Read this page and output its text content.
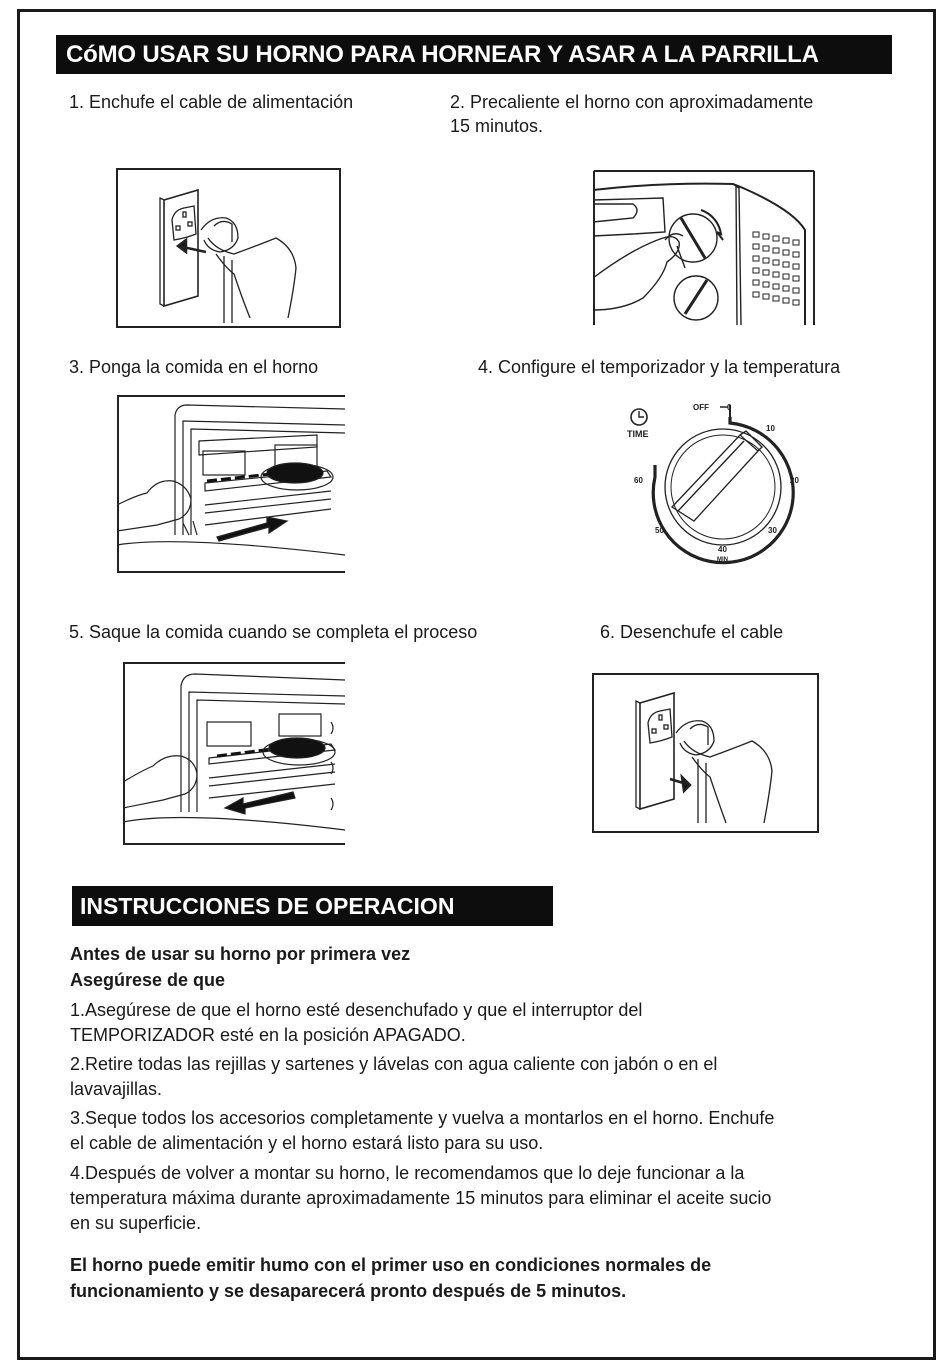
CóMO USAR SU HORNO PARA HORNEAR Y ASAR A LA PARRILLA
1. Enchufe el cable de alimentación	2. Precaliente el horno con aproximadamente
15 minutos.
3. Ponga la comida en el horno	4. Configure el temporizador y la temperatura
5. Saque la comida cuando se completa el proceso	6. Desenchufe el cable
TIME
OFF 0
10
20
30
40
MIN
50
60
INSTRUCCIONES DE OPERACION
Antes de usar su horno por primera vez
Asegúrese de que
1.Asegúrese de que el horno esté desenchufado y que el interruptor del
TEMPORIZADOR esté en la posición APAGADO.
2.Retire todas las rejillas y sartenes y lávelas con agua caliente con jabón o en el
lavavajillas.
3.Seque todos los accesorios completamente y vuelva a montarlos en el horno. Enchufe
el cable de alimentación y el horno estará listo para su uso.
4.Después de volver a montar su horno, le recomendamos que lo deje funcionar a la
temperatura máxima durante aproximadamente 15 minutos para eliminar el aceite sucio
en su superficie.
El horno puede emitir humo con el primer uso en condiciones normales de
funcionamiento y se desaparecerá pronto después de 5 minutos.
